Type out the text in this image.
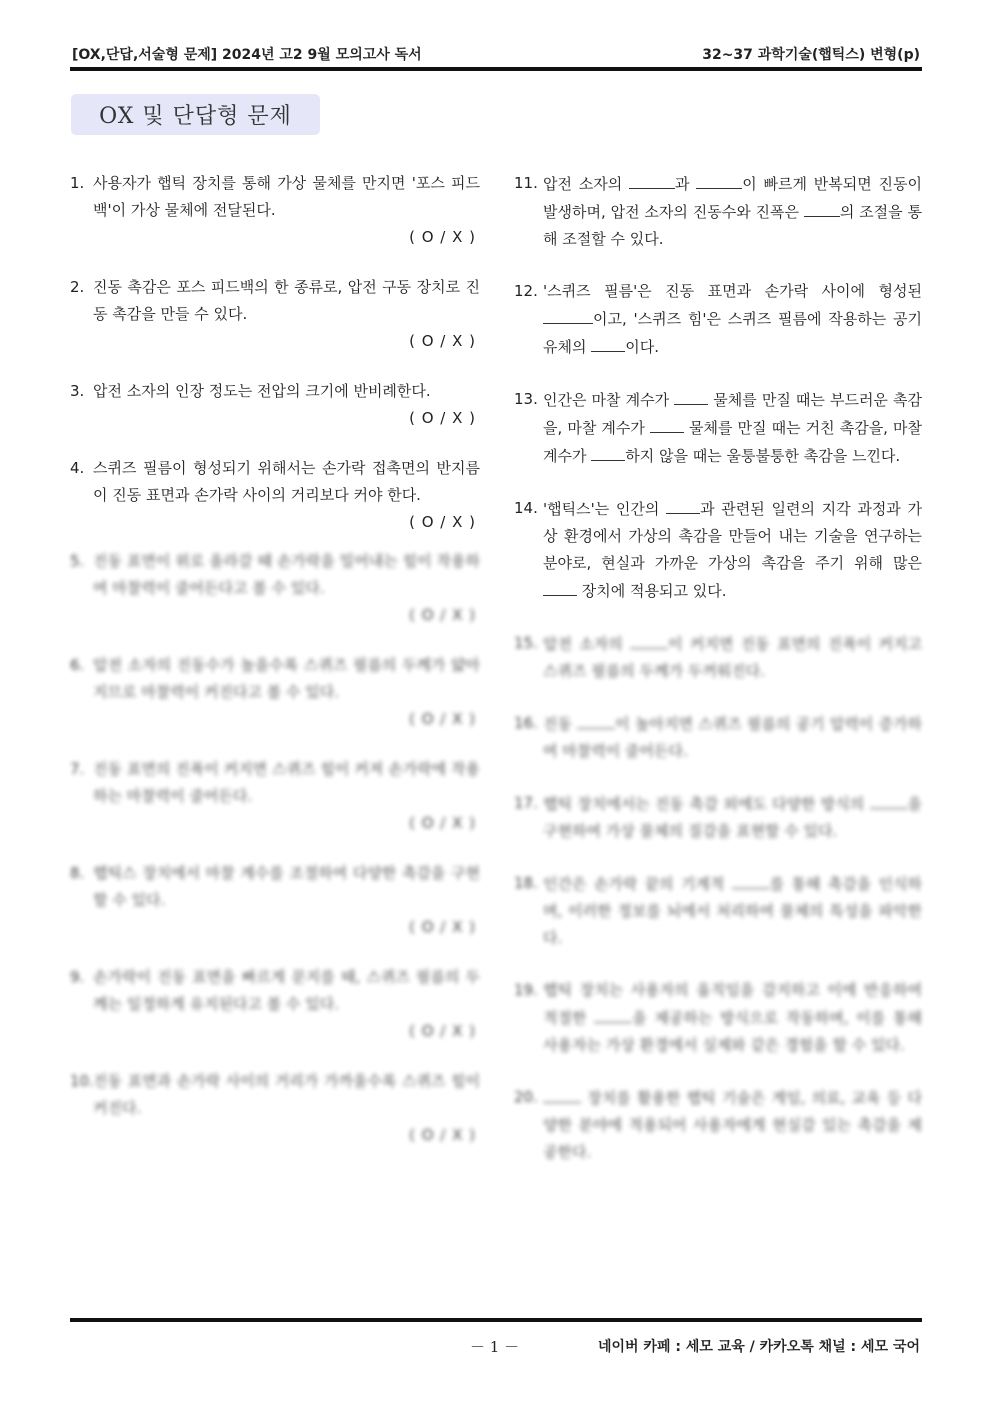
[OX,단답,서술형 문제] 2024년 고2 9월 모의고사 독서	32~37 과학기술(햅틱스) 변형(p)
OX 및 단답형 문제
1. 사용자가 햅틱 장치를 통해 가상 물체를 만지면 '포스 피드백'이 가상 물체에 전달된다.
( O / X )
2. 진동 촉감은 포스 피드백의 한 종류로, 압전 구동 장치로 진동 촉감을 만들 수 있다.
( O / X )
3. 압전 소자의 인장 정도는 전압의 크기에 반비례한다.
( O / X )
4. 스퀴즈 필름이 형성되기 위해서는 손가락 접촉면의 반지름이 진동 표면과 손가락 사이의 거리보다 커야 한다.
( O / X )
5. 진동 표면이 위로 올라갈 때 손가락을 밀어내는 힘이 작용하여 마찰력이 줄어든다고 볼 수 있다.
( O / X )
6. 압전 소자의 진동수가 높을수록 스퀴즈 필름의 두께가 얇아지므로 마찰력이 커진다고 볼 수 있다.
( O / X )
7. 진동 표면의 진폭이 커지면 스퀴즈 힘이 커져 손가락에 작용하는 마찰력이 줄어든다.
( O / X )
8. 햅틱스 장치에서 마찰 계수를 조절하여 다양한 촉감을 구현할 수 있다.
( O / X )
9. 손가락이 진동 표면을 빠르게 문지를 때, 스퀴즈 필름의 두께는 일정하게 유지된다고 볼 수 있다.
( O / X )
10. 진동 표면과 손가락 사이의 거리가 가까울수록 스퀴즈 힘이 커진다.
( O / X )
11. 압전 소자의	과	이 빠르게 반복되면 진동이 발생하며, 압전 소자의 진동수와 진폭은 의 조절을 통해 조절할 수 있다.
12. '스퀴즈 필름'은 진동 표면과 손가락 사이에 형성된 이고, '스퀴즈 힘'은 스퀴즈 필름에 작용하는 공기 유체의 이다.
13. 인간은 마찰 계수가  물체를 만질 때는 부드러운 촉감을, 마찰 계수가  물체를 만질 때는 거친 촉감을, 마찰 계수가 하지 않을 때는 울퉁불퉁한 촉감을 느낀다.
14. '햅틱스'는 인간의 과 관련된 일련의 지각 과정과 가상 환경에서 가상의 촉감을 만들어 내는 기술을 연구하는 분야로, 현실과 가까운 가상의 촉감을 주기 위해 많은  장치에 적용되고 있다.
15. 압전 소자의	이 커지면 진동 표면의 진폭이 커지고 스퀴즈 필름의 두께가 두꺼워진다.
16. 진동	이 높아지면 스퀴즈 필름의 공기 압력이 증가하여 마찰력이 줄어든다.
17. 햅틱 장치에서는 진동 촉감 외에도 다양한 방식의	을 구현하여 가상 물체의 질감을 표현할 수 있다.
18. 인간은 손가락 끝의 기계적	를 통해 촉감을 인식하며, 이러한 정보를 뇌에서 처리하여 물체의 특성을 파악한다.
19. 햅틱 장치는 사용자의 움직임을 감지하고 이에 반응하여 적절한	을 제공하는 방식으로 작동하며, 이를 통해 사용자는 가상 환경에서 실제와 같은 경험을 할 수 있다.
20.	장치를 활용한 햅틱 기술은 게임, 의료, 교육 등 다양한 분야에 적용되어 사용자에게 현실감 있는 촉감을 제공한다.
－ 1 －	네이버 카페 : 세모 교육 / 카카오톡 채널 : 세모 국어
